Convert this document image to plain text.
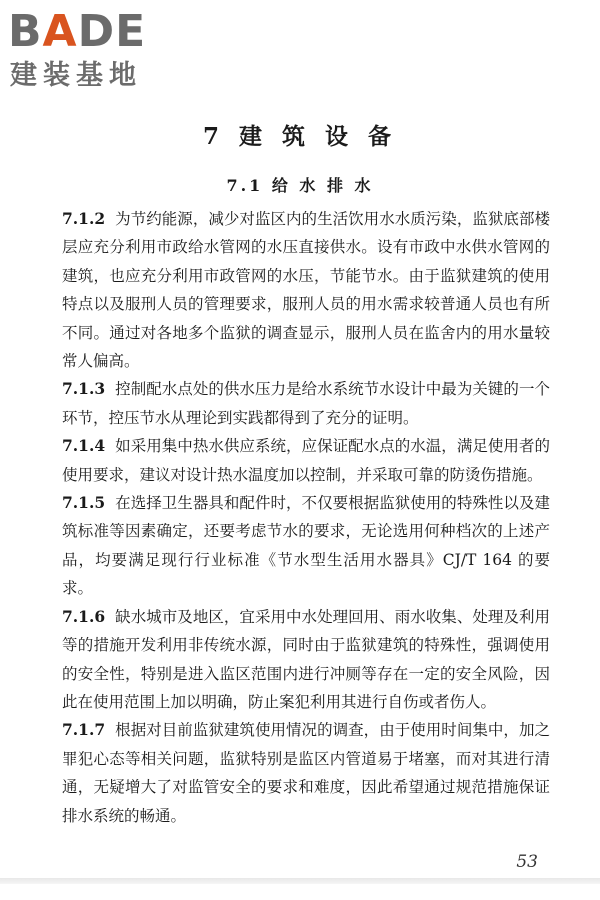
BADE
建装基地
7 建 筑 设 备
7.1 给 水 排 水

7.1.2 为节约能源，减少对监区内的生活饮用水水质污染，监狱底部楼层应充分利用市政给水管网的水压直接供水。设有市政中水供水管网的建筑，也应充分利用市政管网的水压，节能节水。由于监狱建筑的使用特点以及服刑人员的管理要求，服刑人员的用水需求较普通人员也有所不同。通过对各地多个监狱的调查显示，服刑人员在监舍内的用水量较常人偏高。

7.1.3 控制配水点处的供水压力是给水系统节水设计中最为关键的一个环节，控压节水从理论到实践都得到了充分的证明。

7.1.4 如采用集中热水供应系统，应保证配水点的水温，满足使用者的使用要求，建议对设计热水温度加以控制，并采取可靠的防烫伤措施。

7.1.5 在选择卫生器具和配件时，不仅要根据监狱使用的特殊性以及建筑标准等因素确定，还要考虑节水的要求，无论选用何种档次的上述产品，均要满足现行行业标准《节水型生活用水器具》CJ/T 164 的要求。

7.1.6 缺水城市及地区，宜采用中水处理回用、雨水收集、处理及利用等的措施开发利用非传统水源，同时由于监狱建筑的特殊性，强调使用的安全性，特别是进入监区范围内进行冲厕等存在一定的安全风险，因此在使用范围上加以明确，防止案犯利用其进行自伤或者伤人。

7.1.7 根据对目前监狱建筑使用情况的调查，由于使用时间集中，加之罪犯心态等相关问题，监狱特别是监区内管道易于堵塞，而对其进行清通，无疑增大了对监管安全的要求和难度，因此希望通过规范措施保证排水系统的畅通。

53
